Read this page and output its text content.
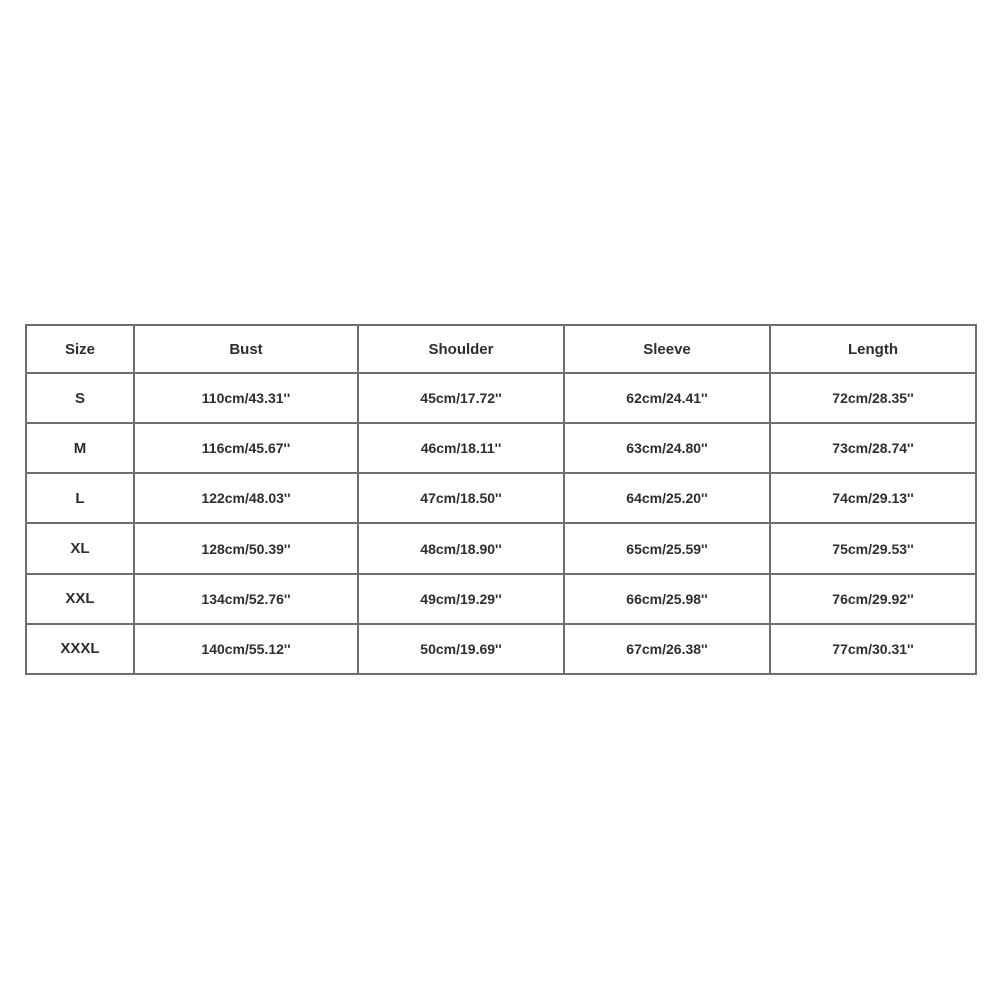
Size	Bust	Shoulder	Sleeve	Length
S	110cm/43.31''	45cm/17.72''	62cm/24.41''	72cm/28.35''
M	116cm/45.67''	46cm/18.11''	63cm/24.80''	73cm/28.74''
L	122cm/48.03''	47cm/18.50''	64cm/25.20''	74cm/29.13''
XL	128cm/50.39''	48cm/18.90''	65cm/25.59''	75cm/29.53''
XXL	134cm/52.76''	49cm/19.29''	66cm/25.98''	76cm/29.92''
XXXL	140cm/55.12''	50cm/19.69''	67cm/26.38''	77cm/30.31''
